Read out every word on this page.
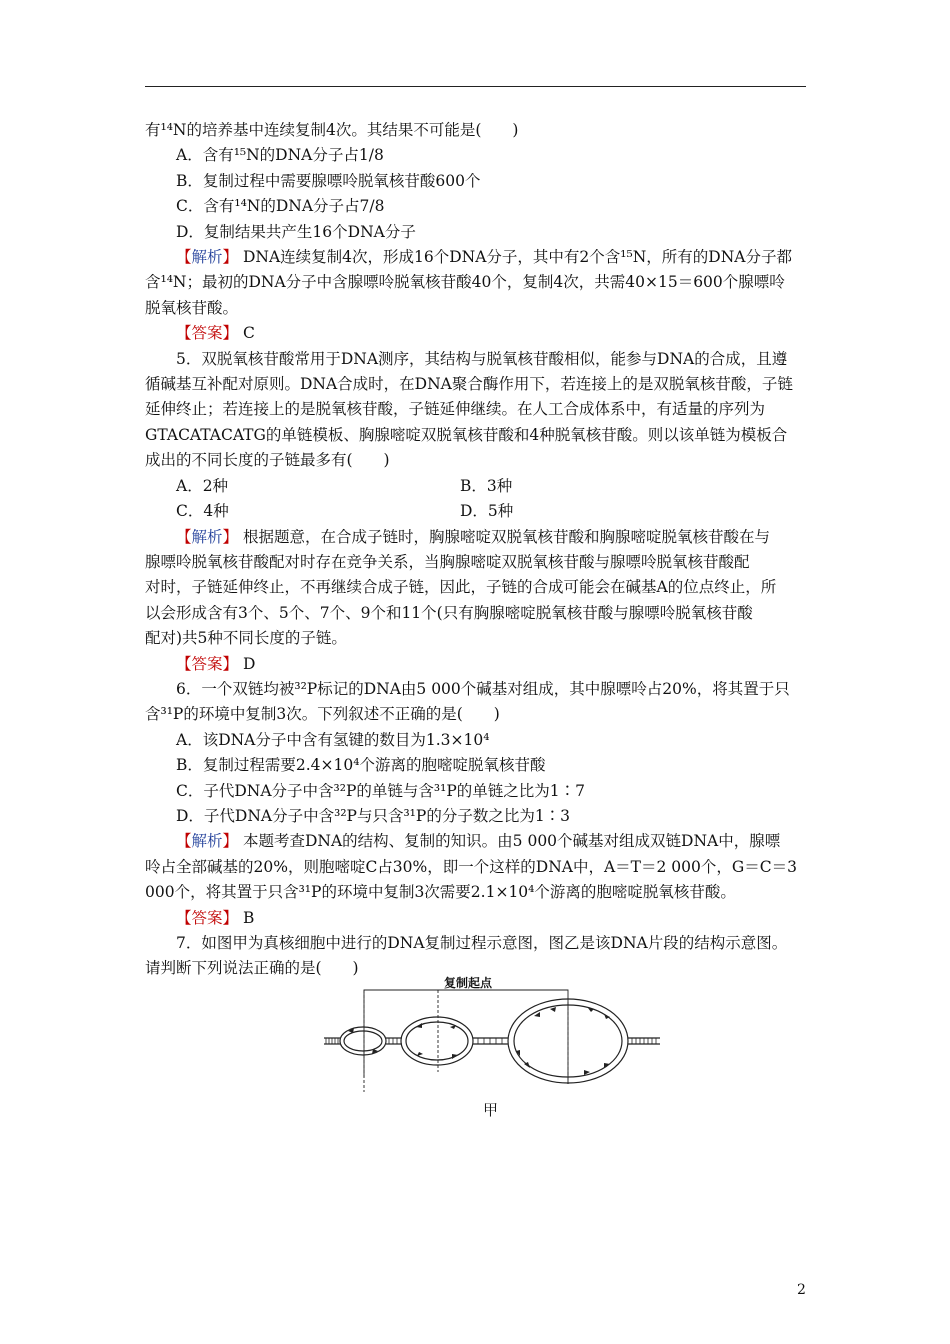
有¹⁴N的培养基中连续复制4次。其结果不可能是(　　)
A．含有¹⁵N的DNA分子占1/8
B．复制过程中需要腺嘌呤脱氧核苷酸600个
C．含有¹⁴N的DNA分子占7/8
D．复制结果共产生16个DNA分子
【解析】 DNA连续复制4次，形成16个DNA分子，其中有2个含¹⁵N，所有的DNA分子都
含¹⁴N；最初的DNA分子中含腺嘌呤脱氧核苷酸40个，复制4次，共需40×15＝600个腺嘌呤
脱氧核苷酸。
【答案】 C
5．双脱氧核苷酸常用于DNA测序，其结构与脱氧核苷酸相似，能参与DNA的合成，且遵
循碱基互补配对原则。DNA合成时，在DNA聚合酶作用下，若连接上的是双脱氧核苷酸，子链
延伸终止；若连接上的是脱氧核苷酸，子链延伸继续。在人工合成体系中，有适量的序列为
GTACATACATG的单链模板、胸腺嘧啶双脱氧核苷酸和4种脱氧核苷酸。则以该单链为模板合
成出的不同长度的子链最多有(　　)
A．2种	B．3种
C．4种	D．5种
【解析】 根据题意，在合成子链时，胸腺嘧啶双脱氧核苷酸和胸腺嘧啶脱氧核苷酸在与
腺嘌呤脱氧核苷酸配对时存在竞争关系，当胸腺嘧啶双脱氧核苷酸与腺嘌呤脱氧核苷酸配
对时，子链延伸终止，不再继续合成子链，因此，子链的合成可能会在碱基A的位点终止，所
以会形成含有3个、5个、7个、9个和11个(只有胸腺嘧啶脱氧核苷酸与腺嘌呤脱氧核苷酸
配对)共5种不同长度的子链。
【答案】 D
6．一个双链均被³²P标记的DNA由5 000个碱基对组成，其中腺嘌呤占20%，将其置于只
含³¹P的环境中复制3次。下列叙述不正确的是(　　)
A．该DNA分子中含有氢键的数目为1.3×10⁴
B．复制过程需要2.4×10⁴个游离的胞嘧啶脱氧核苷酸
C．子代DNA分子中含³²P的单链与含³¹P的单链之比为1∶7
D．子代DNA分子中含³²P与只含³¹P的分子数之比为1∶3
【解析】 本题考查DNA的结构、复制的知识。由5 000个碱基对组成双链DNA中，腺嘌
呤占全部碱基的20%，则胞嘧啶C占30%，即一个这样的DNA中，A＝T＝2 000个，G＝C＝3
000个，将其置于只含³¹P的环境中复制3次需要2.1×10⁴个游离的胞嘧啶脱氧核苷酸。
【答案】 B
7．如图甲为真核细胞中进行的DNA复制过程示意图，图乙是该DNA片段的结构示意图。
请判断下列说法正确的是(　　)
复制起点
甲
2
